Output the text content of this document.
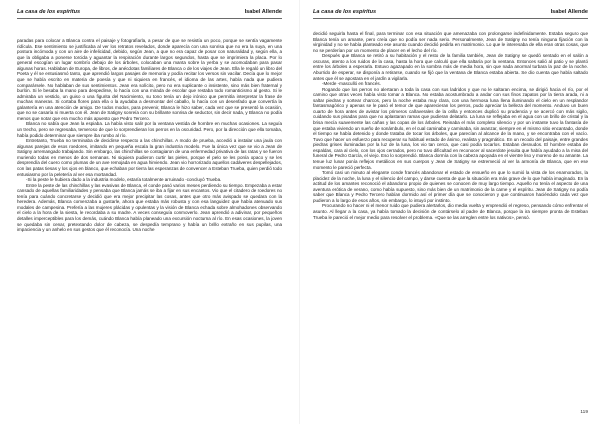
La casa de los espíritus	Isabel Allende

paradas para colocar a Blanca contra el paisaje y fotografiarla, a pesar de que se resistía un poco, porque se sentía vagamente ridícula. Ese sentimiento se justificaba al ver los retratos revelados, donde aparecía con una sonrisa que no era la suya, en una postura incómoda y con un aire de infelicidad, debido, según Jean, a que no era capaz de posar con naturalidad y, según ella, a que la obligaba a ponerse torcida y aguantar la respiración durante largos segundos, hasta que se imprimiera la placa. Por lo general escogían un lugar sombrío debajo de los árboles, colocaban una manta sobre la yerba y se acomodaban para pasar algunas horas. Hablaban de Europa, de libros, de anécdotas familiares de Blanca o de los viajes de Jean. Ella le regaló un libro del Poeta y él se entusiasmó tanto, que aprendió largos pasajes de memoria y podía recitar los versos sin vacilar. Decía que lo mejor que se había escrito en materia de poesía y que ni siquiera en francés, el idioma de las artes, había nada que pudiera comparársele. No hablaban de sus sentimientos. Jean era solícito, pero no era suplicante o insistente, sino más bien fraternal y burlón. Si le besaba la mano para despedirse, lo hacía con una mirada de escolar que restaba todo romanticismo al gesto. Si le admiraba un vestido, un guiso o una figurita del Nacimiento, su tono tenía un dejo irónico que permitía interpretar la frase de muchas maneras. Si cortaba flores para ella o la ayudaba a desmontar del caballo, lo hacía con un desenfado que convertía la galantería en una atención de amigo. De todos modos, para prevenir, Blanca le hizo saber, cada vez que se presentó la ocasión, que no se casaría ni muerta con él. Jean de Satigny sonreía con su brillante sonrisa de seductor, sin decir nada, y Blanca no podía menos que notar que era mucho más apuesto que Pedro Tercero.

Blanca no sabía que Jean la espiaba. La había visto salir por la ventana vestida de hombre en muchas ocasiones. La seguía un trecho, pero se regresaba, temeroso de que lo sorprendieran los perros en la oscuridad. Pero, por la dirección que ella tomaba, había podido determinar que siempre iba rumbo al río.

Entretanto, Trueba no terminaba de decidirse respecto a las chinchillas. A modo de prueba, accedió a instalar una jaula con algunas parejas de esos roedores, imitando en pequeña escala la gran industria modelo. Fue la única vez que se vio a Jean de Satigny arremangado trabajando. Sin embargo, las chinchillas se contagiaron de una enfermedad privativa de las ratas y se fueron muriendo todas en menos de dos semanas. Ni siquiera pudieron curtir las pieles, porque el pelo se les ponía opaco y se les desprendía del cuero como plumas de un ave remojada en agua hirviendo. Jean vio horrorizado aquellos cadáveres despellejados, con las patas tiesas y los ojos en blanco, que echaban por tierra las esperanzas de convencer a Esteban Trueba, quien perdió todo entusiasmo por la peletería al ver esa mortandad.

-Si la peste le hubiera dado a la industria modelo, estaría totalmente arruinado -concluyó Trueba.

Entre la peste de las chinchillas y las evasivas de Blanca, el conde pasó varios meses perdiendo su tiempo. Empezaba a estar cansado de aquellas familiaridades y pensaba que Blanca jamás se iba a fijar en sus encantos. Vio que el citadero de roedores no tenía para cuándo concretarse y decidió que era mejor precipitar las cosas, antes que otro más avispado se quedara con la heredera. Además, Blanca comenzaba a gustarle, ahora que estaba más robusta y con esa languidez que había atenuado sus modales de campesina. Prefería a las mujeres plácidas y opulentas y la visión de Blanca echada sobre almohadones observando el cielo a la hora de la siesta, le recordaba a su madre. A veces conseguía conmoverlo. Jean aprendió a adivinar, por pequeños detalles imperceptibles para los demás, cuándo Blanca había planeado una excursión nocturna al río. En esas ocasiones, la joven se quedaba sin cenar, pretextando dolor de cabeza, se despedía temprano y había un brillo extraño en sus pupilas, una impaciencia y un anhelo en sus gestos que él reconocía. Una noche

La casa de los espíritus	Isabel Allende

decidió seguirla hasta el final, para terminar con esa situación que amenazaba con prolongarse indefinidamente. Estaba seguro que Blanca tenía un amante, pero creía que no podía ser nada serio. Personalmente, Jean de Satigny no tenía ninguna fijación con la virginidad y no se había planteado ese asunto cuando decidió pedirla en matrimonio. Lo que le interesaba de ella eran otras cosas, que no se perderían por un momento de placer en el lecho del río.

Después que Blanca se retiró a su habitación y el resto de la familia también, Jean de Satigny se quedó sentado en el salón a oscuras, atento a los ruidos de la casa, hasta la hora que calculó que ella saltaría por la ventana. Entonces salió al patio y se plantó entre los árboles a esperarla. Estuvo agazapado en la sombra más de media hora, sin que nada anormal turbara la paz de la noche. Aburrido de esperar, se disponía a retirarse, cuando se fijó que la ventana de Blanca estaba abierta. Se dio cuenta que había saltado antes que él se apostara en el jardín a vigilarla.

-Merde -masculló en francés.

Rogando que los perros no alertaran a toda la casa con sus ladridos y que no le saltaran encima, se dirigió hacia el río, por el camino que otras veces había visto tomar a Blanca. No estaba acostumbrado a andar con sus finos zapatos por la tierra arada, ni a saltar piedras y sortear charcos, pero la noche estaba muy clara, con una hermosa luna llena iluminando el cielo en un resplandor fantasmagórico y apenas se le pasó el temor de que aparecieran los perros, pudo apreciar la belleza del momento. Anduvo un buen cuarto de hora antes de avistar los primeros cañaverales de la orilla y entonces duplicó su prudencia y se acercó con más sigilo, cuidando sus pisadas para que no aplastaran ramas que pudieran delatarlo. La luna se reflejaba en el agua con un brillo de cristal y la brisa mecía suavemente las cañas y las copas de los árboles. Reinaba el más completo silencio y por un instante tuvo la fantasía de que estaba viviendo un sueño de sonámbulo, en el cual caminaba y caminaba, sin avanzar, siempre en el mismo sitio encantado, donde el tiempo se había detenido y donde trataba de tocar los árboles, que parecían al alcance de la mano, y se encontraba con el vacío. Tuvo que hacer un esfuerzo para recuperar su habitual estado de ánimo, realista y pragmático. En un recodo del paisaje, entre grandes piedras grises iluminadas por la luz de la luna, los vio tan cerca, que casi podía tocarlos. Estaban desnudos. El hombre estaba de espaldas, cara al cielo, con los ojos cerrados, pero no tuvo dificultad en reconocer al sacerdote jesuita que había ayudado a la misa del funeral de Pedro García, el viejo. Eso lo sorprendió. Blanca dormía con la cabeza apoyada en el vientre liso y moreno de su amante. La tenue luz lunar ponía reflejos metálicos en sus cuerpos y Jean de Satigny se estremeció al ver la armonía de Blanca, que en ese momento le pareció perfecta.

Tomó casi un minuto al elegante conde francés abandonar el estado de ensueño en que lo sumió la vista de los enamorados, la placidez de la noche, la luna y el silencio del campo, y darse cuenta de que la situación era más grave de lo que había imaginado. En la actitud de los amantes reconoció el abandono propio de quienes se conocen de muy largo tiempo. Aquello no tenía el aspecto de una aventura erótica de verano, como había supuesto, sino más bien de un matrimonio de la carne y el espíritu. Jean de Satigny no podía saber que Blanca y Pedro Tercero habían dormido así el primer día que se conocieron y que continuaron haciéndolo cada vez que pudieron a lo largo de esos años, sin embargo, lo intuyó por instinto.

Procurando no hacer ni el menor ruido que pudiera alertarlos, dio media vuelta y emprendió el regreso, pensando cómo enfrentar el asunto. Al llegar a la casa, ya había tomado la decisión de contárselo al padre de Blanca, porque la ira siempre pronta de Esteban Trueba le pareció el mejor medio para resolver el problema. «Que se las arreglen entre los nativos», pensó.

119
